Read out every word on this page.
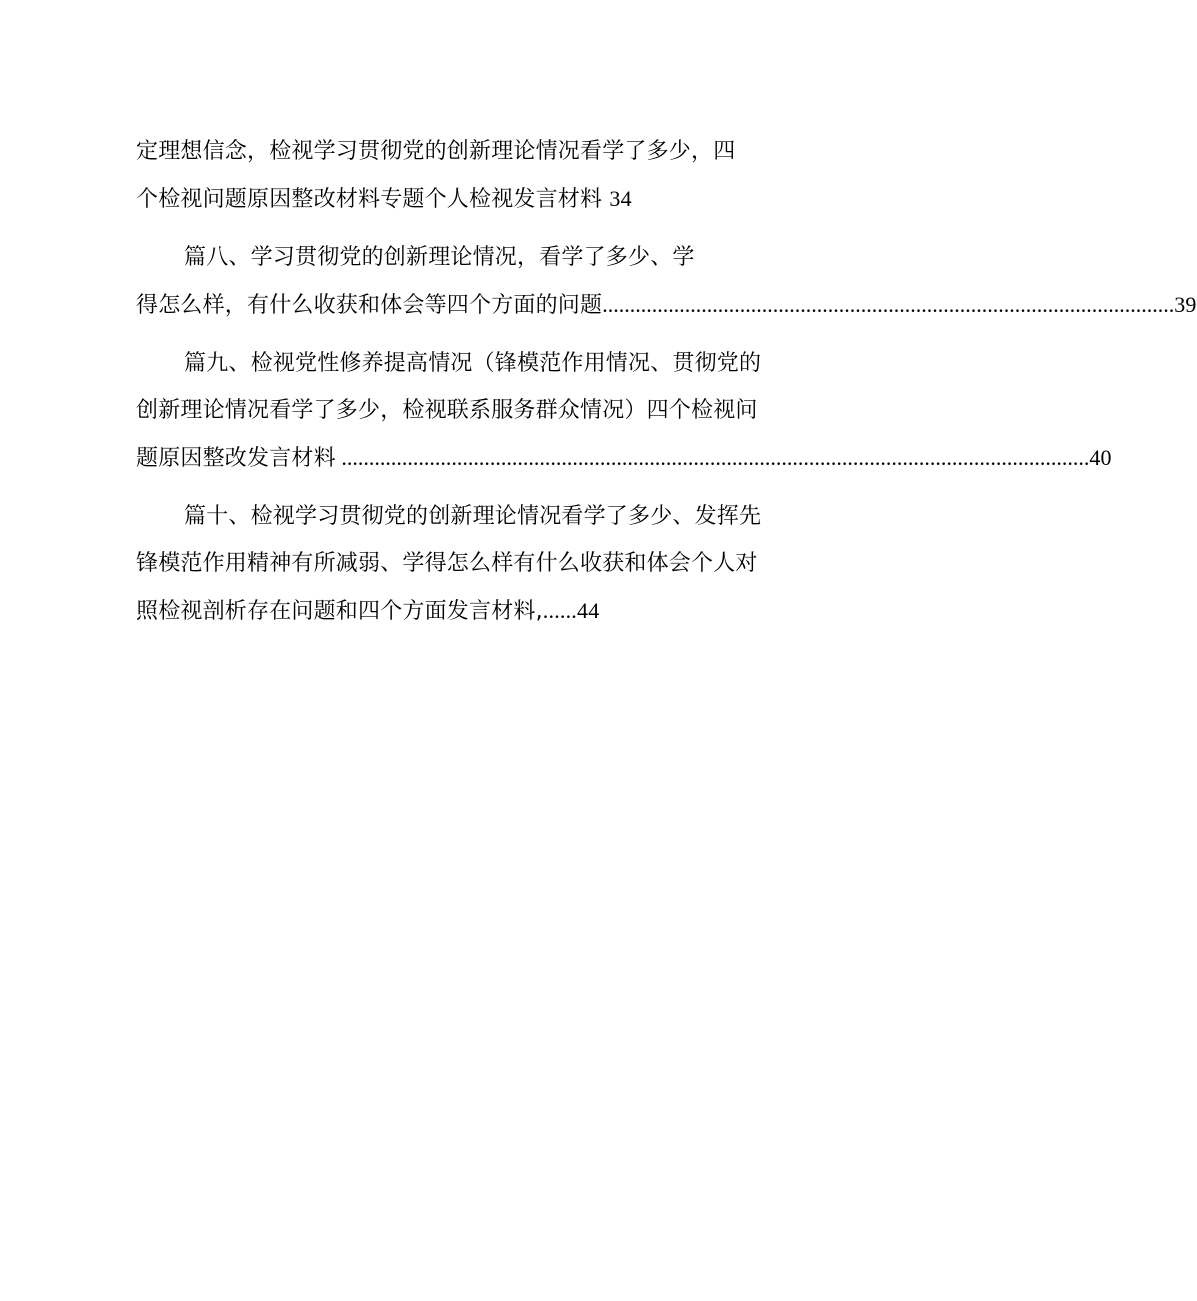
定理想信念，检视学习贯彻党的创新理论情况看学了多少，四
个检视问题原因整改材料专题个人检视发言材料 34
篇八、学习贯彻党的创新理论情况，看学了多少、学
得怎么样，有什么收获和体会等四个方面的问题 ........................................................................................................ 39
篇九、检视党性修养提高情况（锋模范作用情况、贯彻党的
创新理论情况看学了多少，检视联系服务群众情况）四个检视问
题原因整改发言材料 ........................................................................................................................................ 40
篇十、检视学习贯彻党的创新理论情况看学了多少、发挥先
锋模范作用精神有所减弱、学得怎么样有什么收获和体会个人对
照检视剖析存在问题和四个方面发言材料,......44
